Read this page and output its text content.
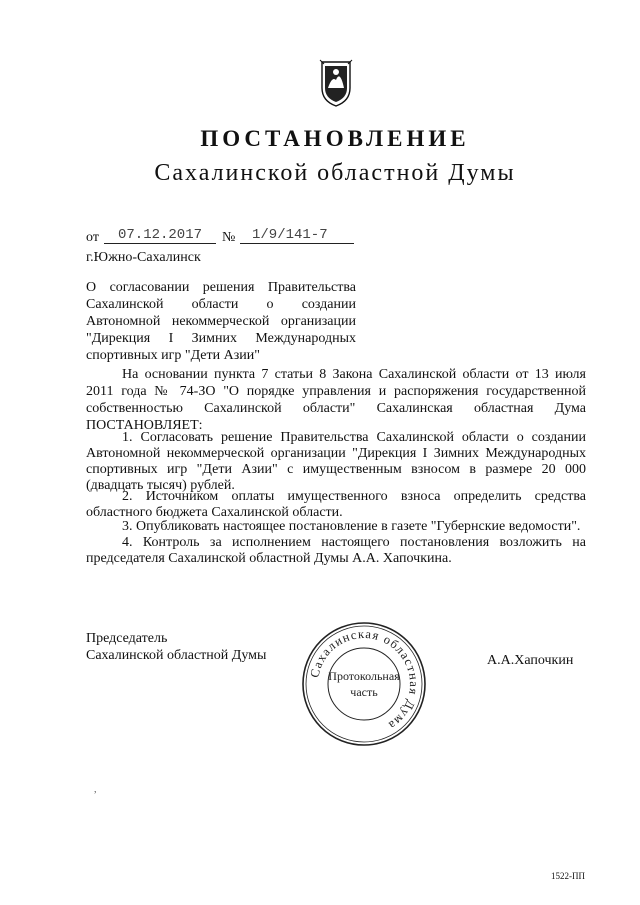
ПОСТАНОВЛЕНИЕ
Сахалинской областной Думы
от	07.12.2017	№	1/9/141-7
г.Южно-Сахалинск
О согласовании решения Правительства Сахалинской области о создании Автономной некоммерческой организации "Дирекция I Зимних Международных спортивных игр "Дети Азии"
На основании пункта 7 статьи 8 Закона Сахалинской области от 13 июля 2011 года № 74-ЗО "О порядке управления и распоряжения государственной собственностью Сахалинской области" Сахалинская областная Дума ПОСТАНОВЛЯЕТ:

1. Согласовать решение Правительства Сахалинской области о создании Автономной некоммерческой организации "Дирекция I Зимних Международных спортивных игр "Дети Азии" с имущественным взносом в размере 20 000 (двадцать тысяч) рублей.

2. Источником оплаты имущественного взноса определить средства областного бюджета Сахалинской области.

3. Опубликовать настоящее постановление в газете "Губернские ведомости".

4. Контроль за исполнением настоящего постановления возложить на председателя Сахалинской областной Думы А.А. Хапочкина.

Председатель
Сахалинской областной Думы
Сахалинская областная Дума
Протокольная
часть
А.А.Хапочкин
,
1522-ПП
